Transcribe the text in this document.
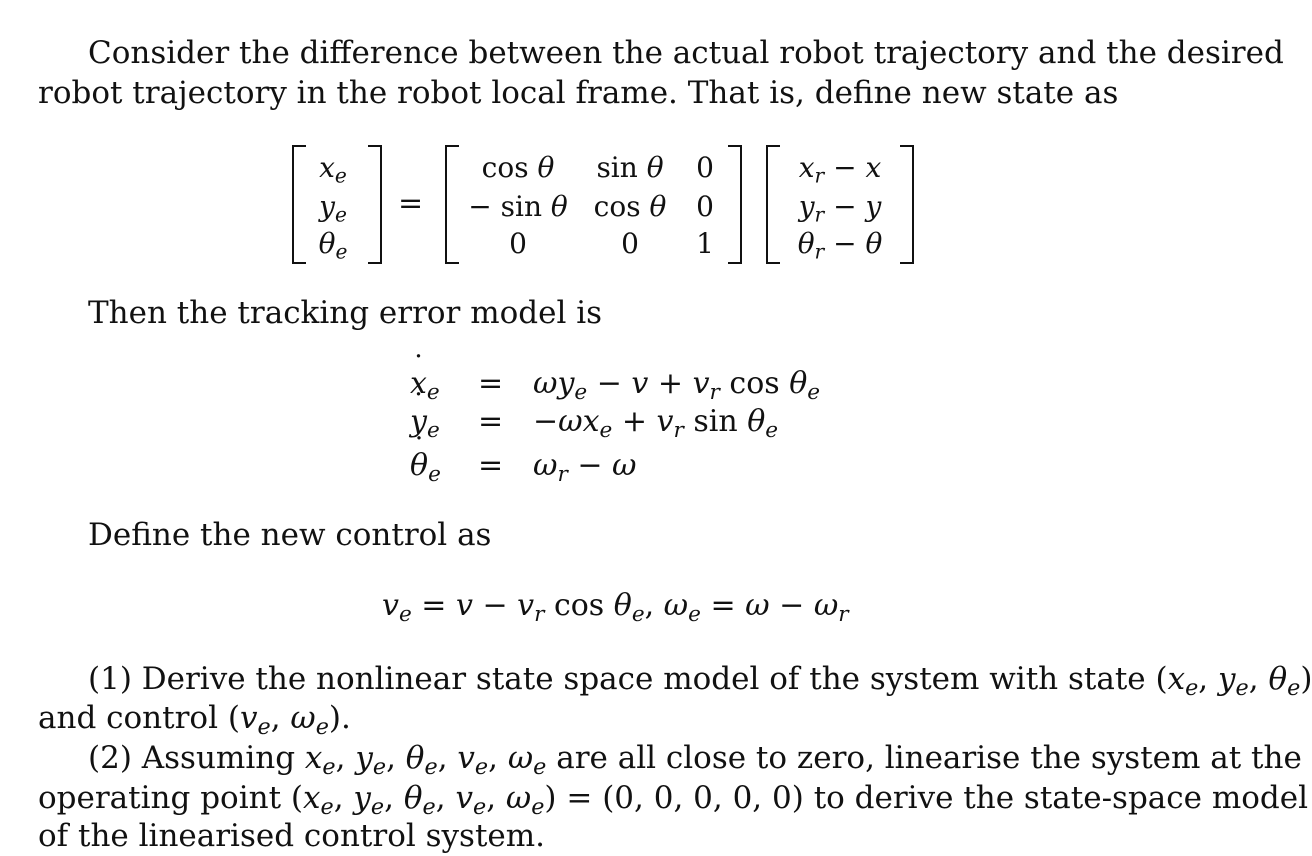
Consider the difference between the actual robot trajectory and the desired
robot trajectory in the robot local frame. That is, define new state as
$x_e$
$y_e$
$\theta_e$
=
cos θ sin θ 0
− sin θ cos θ 0
0	0 1
$x_r - x$
$y_r - y$
$\theta_r - \theta$
Then the tracking error model is
˙ $x_e = \omega y_e - v + v_r$ $\cos \theta_e$
˙ $y_e = -\omega x_e + v_r$ $\sin \theta_e$
˙ $\theta_e = \omega_r - \omega$
Define the new control as
$v_e = v - v_r$ $\cos \theta_e$, $\omega_e = \omega - \omega_r$
(1) Derive the nonlinear state space model of the system with state ($x_e$, $y_e$, $\theta_e$)
and control ($v_e$, $\omega_e$).
(2) Assuming $x_e$, $y_e$, $\theta_e$, $v_e$, $\omega_e$ are all close to zero, linearise the system at the
operating point ($x_e$, $y_e$, $\theta_e$, $v_e$, $\omega_e) = (0$, 0, 0, 0, 0) to derive the state-space model
of the linearised control system.
